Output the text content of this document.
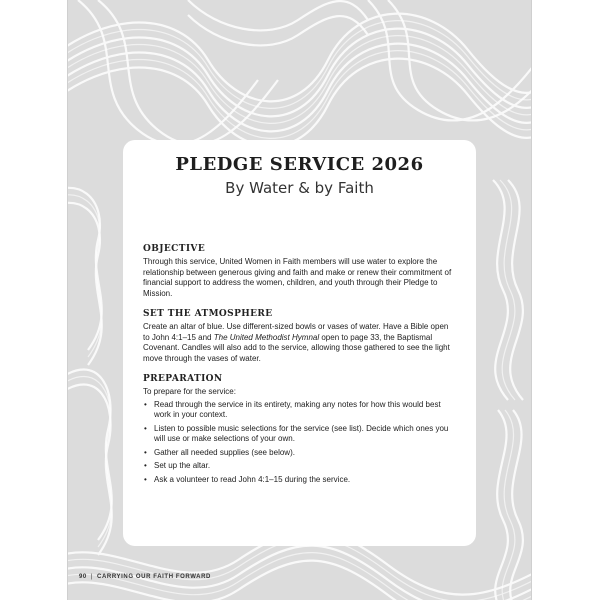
PLEDGE SERVICE 2026

By Water & by Faith

OBJECTIVE

Through this service, United Women in Faith members will use water to explore the relationship between generous giving and faith and make or renew their commitment of financial support to address the women, children, and youth through their Pledge to Mission.

SET THE ATMOSPHERE

Create an altar of blue. Use different-sized bowls or vases of water. Have a Bible open to John 4:1–15 and The United Methodist Hymnal open to page 33, the Baptismal Covenant. Candles will also add to the service, allowing those gathered to see the light move through the vases of water.

PREPARATION

To prepare for the service:

• Read through the service in its entirety, making any notes for how this would best work in your context.
• Listen to possible music selections for the service (see list). Decide which ones you will use or make selections of your own.
• Gather all needed supplies (see below).
• Set up the altar.
• Ask a volunteer to read John 4:1–15 during the service.
90 | CARRYING OUR FAITH FORWARD
